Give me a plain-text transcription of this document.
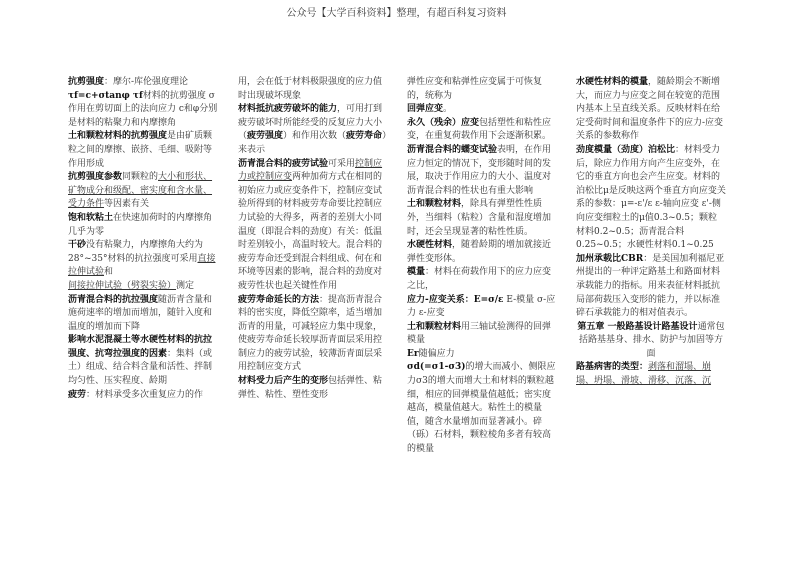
公众号【大学百科资料】整理，有超百科复习资料

抗剪强度：摩尔-库伦强度理论

τf=c+σtanφ τf材料的抗剪强度 σ 作用在剪切面上的法向应力 c和φ分别是材料的粘聚力和内摩擦角

土和颗粒材料的抗剪强度是由矿质颗粒之间的摩擦、嵌挤、毛细、吸附等作用形成

抗剪强度参数同颗粒的大小和形状、矿物成分和级配、密实度和含水量、受力条件等因素有关

饱和软粘土在快速加荷时的内摩擦角几乎为零

干砂没有粘聚力，内摩擦角大约为28°~35°材料的抗拉强度可采用直接拉伸试验和间接拉伸试验（劈裂实验）测定

沥青混合料的抗拉强度随沥青含量和施荷速率的增加而增加，随针入度和温度的增加而下降

影响水泥混凝土等水硬性材料的抗拉强度、抗弯拉强度的因素：集料（或土）组成、结合料含量和活性、拌制均匀性、压实程度、龄期

疲劳：材料承受多次重复应力的作

用，会在低于材料极限强度的应力值时出现破坏现象

材料抵抗疲劳破坏的能力，可用打到疲劳破坏时所能经受的反复应力大小（疲劳强度）和作用次数（疲劳寿命）来表示

沥青混合料的疲劳试验可采用控制应力或控制应变两种加荷方式在相同的初始应力或应变条件下，控制应变试验所得到的材料疲劳寿命要比控制应力试验的大得多，两者的差别大小同温度（即混合料的劲度）有关：低温时差别较小，高温时较大。混合料的疲劳寿命还受到混合料组成、何在和环境等因素的影响，混合料的劲度对疲劳性状也起关键性作用

疲劳寿命延长的方法：提高沥青混合料的密实度，降低空隙率，适当增加沥青的用量，可减轻应力集中现象，使疲劳寿命延长较厚沥青面层采用控制应力的疲劳试验，较薄沥青面层采用控制应变方式

材料受力后产生的变形包括弹性、粘弹性、粘性、塑性变形

弹性应变和粘弹性应变属于可恢复的，统称为

回弹应变。

永久（残余）应变包括塑性和粘性应变，在重复荷载作用下会逐渐积累。

沥青混合料的蠕变试验表明，在作用应力恒定的情况下，变形随时间的发展，取决于作用应力的大小、温度对沥青混合料的性状也有重大影响

土和颗粒材料，除具有弹塑性性质外，当细料（粘粒）含量和湿度增加时，还会呈现显著的粘性性质。

水硬性材料，随着龄期的增加就接近弹性变形体。

模量：材料在荷载作用下的应力应变之比，

应力-应变关系：E=σ/ε E-模量 σ-应力 ε-应变

土和颗粒材料用三轴试验测得的回弹模量

Er随偏应力

σd(=σ1-σ3)的增大而减小、侧限应力σ3的增大而增大土和材料的颗粒越细，相应的回弹模量值越低；密实度越高，模量值越大。粘性土的模量值，随含水量增加而显著减小。碎（砾）石材料，颗粒棱角多者有较高的模量

水硬性材料的模量，随龄期会不断增大，而应力与应变之间在较宽的范围内基本上呈直线关系。反映材料在给定受荷时间和温度条件下的应力-应变关系的参数称作

劲度模量（劲度）泊松比：材料受力后，除应力作用方向产生应变外，在它的垂直方向也会产生应变。材料的泊松比μ是反映这两个垂直方向应变关系的参数：μ=-ε'/ε ε-轴向应变 ε'-侧向应变细粒土的μ值0.3~0.5；颗粒材料0.2~0.5；沥青混合料0.25~0.5；水硬性材料0.1~0.25

加州承载比CBR：是美国加利福尼亚州提出的一种评定路基土和路面材料承载能力的指标。用来表征材料抵抗局部荷载压入变形的能力，并以标准碎石承载能力的相对值表示。

第五章 一般路基设计路基设计通常包括路基基身、排水、防护与加固等方面

路基病害的类型：剥落和溜塌、崩塌、坍塌、滑坡、滑移、沉落、沉
